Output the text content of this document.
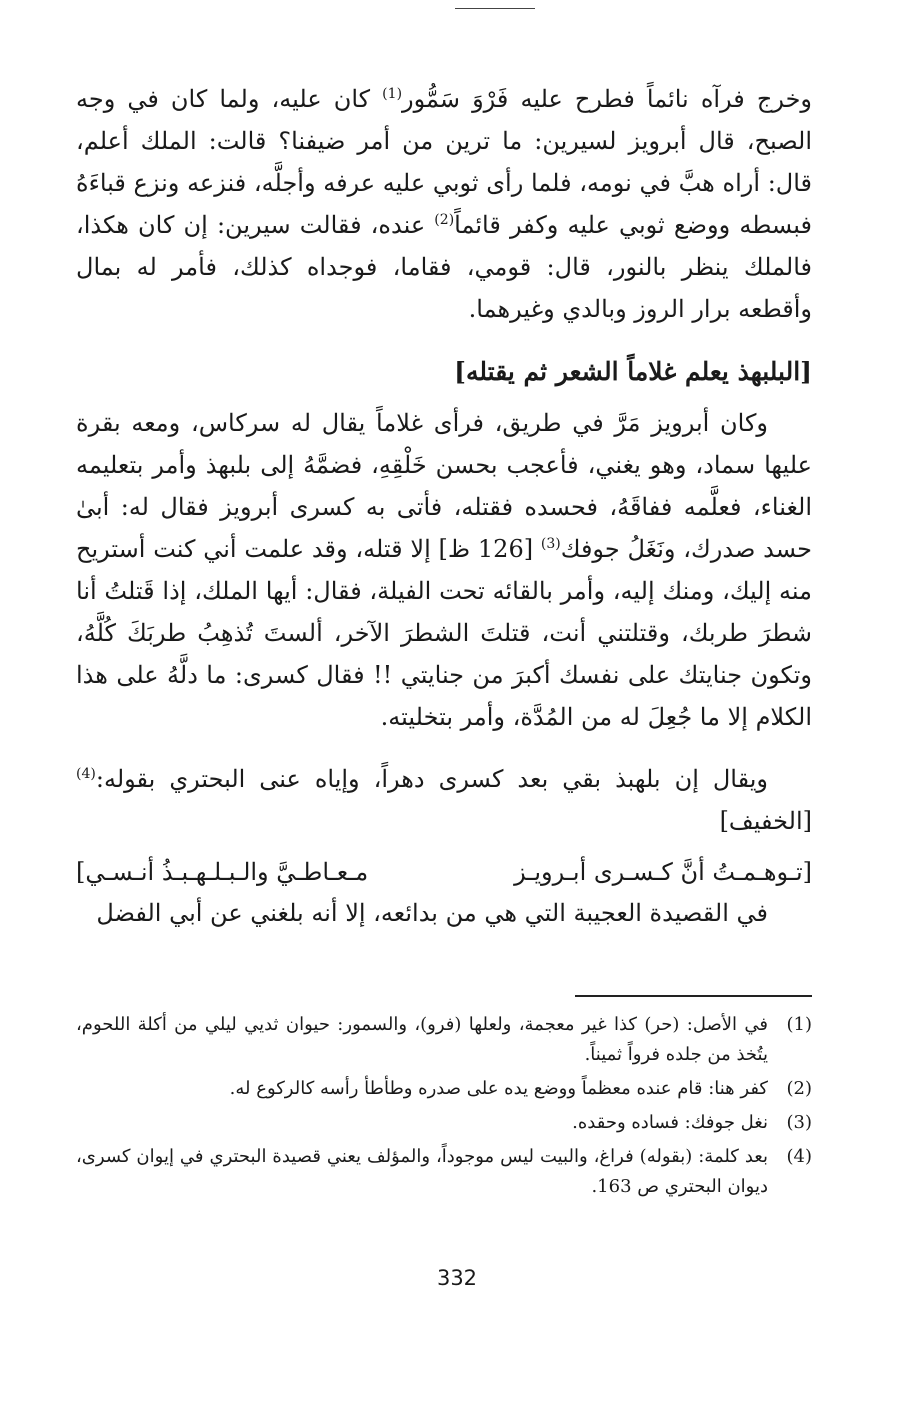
وخرج فرآه نائماً فطرح عليه فَرْوَ سَمُّور$^{(1)}$ كان عليه، ولما كان في وجه الصبح، قال أبرويز لسيرين: ما ترين من أمر ضيفنا؟ قالت: الملك أعلم، قال: أراه هبَّ في نومه، فلما رأى ثوبي عليه عرفه وأجلَّه، فنزعه ونزع قباءَهُ فبسطه ووضع ثوبي عليه وكفر قائماً$^{(2)}$ عنده، فقالت سيرين: إن كان هكذا، فالملك ينظر بالنور، قال: قومي، فقاما، فوجداه كذلك، فأمر له بمال وأقطعه برار الروز وبالدي وغيرهما.
[البلبهذ يعلم غلاماً الشعر ثم يقتله]
وكان أبرويز مَرَّ في طريق، فرأى غلاماً يقال له سركاس، ومعه بقرة عليها سماد، وهو يغني، فأعجب بحسن خَلْقِهِ، فضمَّهُ إلى بلبهذ وأمر بتعليمه الغناء، فعلَّمه ففاقَهُ، فحسده فقتله، فأتى به كسرى أبرويز فقال له: أبىٰ حسد صدرك، ونَغَلُ جوفك$^{(3)}$ [126 ظ] إلا قتله، وقد علمت أني كنت أستريح منه إليك، ومنك إليه، وأمر بالقائه تحت الفيلة، فقال: أيها الملك، إذا قَتلتُ أنا شطرَ طربك، وقتلتني أنت، قتلتَ الشطرَ الآخر، ألستَ تُذهِبُ طربَكَ كُلَّهُ، وتكون جنايتك على نفسك أكبرَ من جنايتي !! فقال كسرى: ما دلَّهُ على هذا الكلام إلا ما جُعِلَ له من المُدَّة، وأمر بتخليته.
ويقال إن بلهبذ بقي بعد كسرى دهراً، وإياه عنى البحتري بقوله:$^{(4)}$ [الخفيف]
[تـوهـمـتُ أنَّ كـسـرى أبـرويـز
مـعـاطـيَّ والـبـلـهـبـذُ أنـسـي]
في القصيدة العجيبة التي هي من بدائعه، إلا أنه بلغني عن أبي الفضل
(1)
في الأصل: (حر) كذا غير معجمة، ولعلها (فرو)، والسمور: حيوان ثديي ليلي من أكلة اللحوم، يتُخذ من جلده فرواً ثميناً.
(2)
كفر هنا: قام عنده معظماً ووضع يده على صدره وطأطأ رأسه كالركوع له.
(3)
نغل جوفك: فساده وحقده.
(4)
بعد كلمة: (بقوله) فراغ، والبيت ليس موجوداً، والمؤلف يعني قصيدة البحتري في إيوان كسرى، ديوان البحتري ص 163.
332
